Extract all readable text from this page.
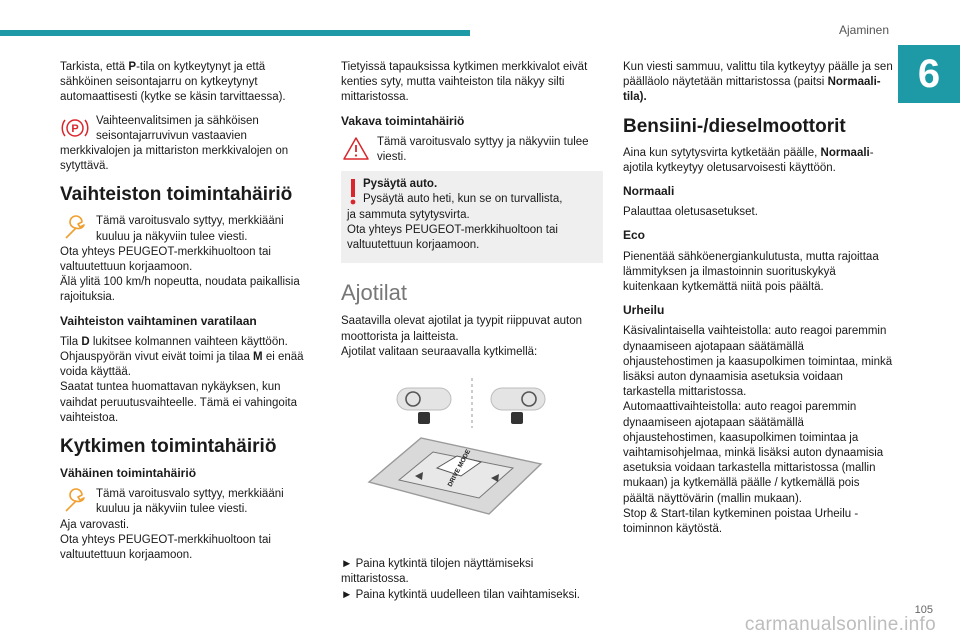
Ajaminen
6

Tarkista, että P-tila on kytkeytynyt ja että sähköinen seisontajarru on kytkeytynyt automaattisesti (kytke se käsin tarvittaessa).

P
Vaihteenvalitsimen ja sähköisen seisontajarruvivun vastaavien

merkkivalojen ja mittariston merkkivalojen on sytyttävä.

Vaihteiston toimintahäiriö
Tämä varoitusvalo syttyy, merkkiääni kuuluu ja näkyviin tulee viesti.

Ota yhteys PEUGEOT-merkkihuoltoon tai valtuutettuun korjaamoon.

Älä ylitä 100 km/h nopeutta, noudata paikallisia rajoituksia.

Vaihteiston vaihtaminen varatilaan

Tila D lukitsee kolmannen vaihteen käyttöön. Ohjauspyörän vivut eivät toimi ja tilaa M ei enää voida käyttää.

Saatat tuntea huomattavan nykäyksen, kun vaihdat peruutusvaihteelle. Tämä ei vahingoita vaihteistoa.

Kytkimen toimintahäiriö
Vähäinen toimintahäiriö
Tämä varoitusvalo syttyy, merkkiääni kuuluu ja näkyviin tulee viesti.

Aja varovasti.

Ota yhteys PEUGEOT-merkkihuoltoon tai valtuutettuun korjaamoon.

Tietyissä tapauksissa kytkimen merkkivalot eivät kenties syty, mutta vaihteiston tila näkyy silti mittaristossa.

Vakava toimintahäiriö
Tämä varoitusvalo syttyy ja näkyviin tulee viesti.
Pysäytä auto.
Pysäytä auto heti, kun se on turvallista,
ja sammuta sytytysvirta.
Ota yhteys PEUGEOT-merkkihuoltoon tai valtuutettuun korjaamoon.
Ajotilat

Saatavilla olevat ajotilat ja tyypit riippuvat auton moottorista ja laitteista.

Ajotilat valitaan seuraavalla kytkimellä:

DRIVE MODE

► Paina kytkintä tilojen näyttämiseksi mittaristossa.

► Paina kytkintä uudelleen tilan vaihtamiseksi.

Kun viesti sammuu, valittu tila kytkeytyy päälle ja sen päälläolo näytetään mittaristossa (paitsi Normaali-tila).

Bensiini-/dieselmoottorit

Aina kun sytytysvirta kytketään päälle, Normaali-ajotila kytkeytyy oletusarvoisesti käyttöön.

Normaali

Palauttaa oletusasetukset.

Eco

Pienentää sähköenergiankulutusta, mutta rajoittaa lämmityksen ja ilmastoinnin suorituskykyä kuitenkaan kytkemättä niitä pois päältä.

Urheilu

Käsivalintaisella vaihteistolla: auto reagoi paremmin dynaamiseen ajotapaan säätämällä ohjaustehostimen ja kaasupolkimen toimintaa, minkä lisäksi auton dynaamisia asetuksia voidaan tarkastella mittaristossa.

Automaattivaihteistolla: auto reagoi paremmin dynaamiseen ajotapaan säätämällä ohjaustehostimen, kaasupolkimen toimintaa ja vaihtamisohjelmaa, minkä lisäksi auton dynaamisia asetuksia voidaan tarkastella mittaristossa (mallin mukaan) ja kytkemällä päälle / kytkemällä pois päältä näyttövärin (mallin mukaan).

Stop & Start-tilan kytkeminen poistaa Urheilu -toiminnon käytöstä.

105
carmanualsonline.info
